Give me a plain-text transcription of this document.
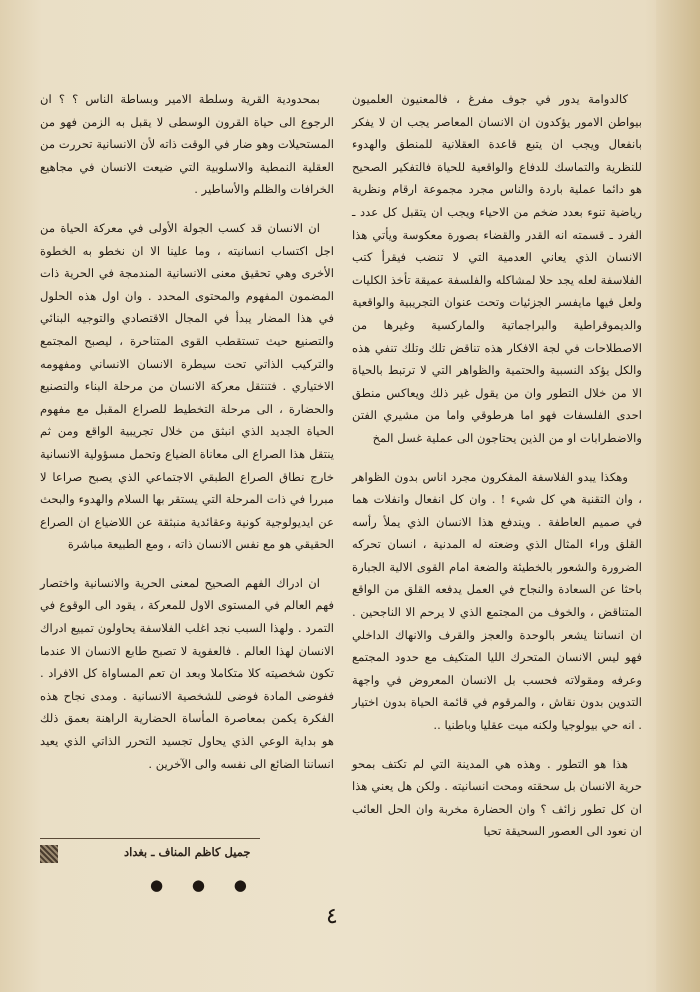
كالدوامة يدور في جوف مفرغ ، فالمعنيون العلميون بيواطن الامور يؤكدون ان الانسان المعاصر يجب ان لا يفكر بانفعال ويجب ان يتبع قاعدة العقلانية للمنطق والهدوء للنظرية والتماسك للدفاع والواقعية للحياة فالتفكير الصحيح هو دائما عملية باردة والناس مجرد مجموعة ارقام ونظرية رياضية تنوء بعدد ضخم من الاحياء ويجب ان يتقبل كل عدد ـ الفرد ـ قسمته انه القدر والقضاء بصورة معكوسة ويأتي هذا الانسان الذي يعاني العدمية التي لا تنضب فيقرأ كتب الفلاسفة لعله يجد حلا لمشاكله والفلسفة عميقة تأخذ الكليات ولعل فيها مايفسر الجزئيات وتحت عنوان التجريبية والواقعية والديموقراطية والبراجماتية والماركسية وغيرها من الاصطلاحات في لجة الافكار هذه تناقض تلك وتلك تنفي هذه والكل يؤكد النسبية والحتمية والظواهر التي لا ترتبط بالحياة الا من خلال التطور وان من يقول غير ذلك ويعاكس منطق احدى الفلسفات فهو اما هرطوقي واما من مشيري الفتن والاضطرابات او من الذين يحتاجون الى عملية غسل المخ

وهكذا يبدو الفلاسفة المفكرون مجرد اناس بدون الظواهر ، وان التقنية هي كل شيء ! . وان كل انفعال وانفلات هما في صميم العاطفة . ويندفع هذا الانسان الذي يملأ رأسه القلق وراء المثال الذي وضعته له المدنية ، انسان تحركه الضرورة والشعور بالخطيئة والضعة امام القوى الالية الجبارة باحثا عن السعادة والنجاح في العمل يدفعه القلق من الواقع المتناقض ، والخوف من المجتمع الذي لا يرحم الا الناجحين . ان انساننا يشعر بالوحدة والعجز والقرف والانهاك الداخلي فهو ليس الانسان المتحرك الليا المتكيف مع حدود المجتمع وعرفه ومقولاته فحسب بل الانسان المعروض في واجهة التدوين بدون نقاش ، والمرقوم في قائمة الحياة بدون اختيار . انه حي بيولوجيا ولكنه ميت عقليا وباطنيا ..

هذا هو التطور . وهذه هي المدينة التي لم تكتف بمحو حرية الانسان بل سحقته ومحت انسانيته . ولكن هل يعني هذا ان كل تطور زائف ؟ وان الحضارة مخربة وان الحل العائب ان نعود الى العصور السحيقة تحيا

بمحدودية القرية وسلطة الامير وبساطة الناس ؟ ؟ ان الرجوع الى حياة القرون الوسطى لا يقبل به الزمن فهو من المستحيلات وهو ضار في الوقت ذاته لأن الانسانية تحررت من العقلية النمطية والاسلوبية التي ضيعت الانسان في مجاهيع الخرافات والظلم والأساطير .

ان الانسان قد كسب الجولة الأولى في معركة الحياة من اجل اكتساب انسانيته ، وما علينا الا ان نخطو به الخطوة الأخرى وهي تحقيق معنى الانسانية المندمجة في الحرية ذات المضمون المفهوم والمحتوى المحدد . وان اول هذه الحلول في هذا المضار يبدأ في المجال الاقتصادي والتوجيه البنائي والتصنيع حيث تستقطب القوى المتناحرة ، ليصبح المجتمع والتركيب الذاتي تحت سيطرة الانسان الانساني ومفهومه الاختياري . فتنتقل معركة الانسان من مرحلة البناء والتصنيع والحضارة ، الى مرحلة التخطيط للصراع المقبل مع مفهوم الحياة الجديد الذي انبثق من خلال تجريبية الواقع ومن ثم ينتقل هذا الصراع الى معاناة الضياع وتحمل مسؤولية الانسانية خارج نطاق الصراع الطبقي الاجتماعي الذي يصبح صراعا لا مبررا في ذات المرحلة التي يستقر بها السلام والهدوء والبحث عن ايديولوجية كونية وعقائدية منبثقة عن اللاضياع ان الصراع الحقيقي هو مع نفس الانسان ذاته ، ومع الطبيعة مباشرة

ان ادراك الفهم الصحيح لمعنى الحرية والانسانية واختصار فهم العالم في المستوى الاول للمعركة ، يقود الى الوقوع في التمرد . ولهذا السبب نجد اغلب الفلاسفة يحاولون تمييع ادراك الانسان لهذا العالم . فالعفوية لا تصبح طابع الانسان الا عندما تكون شخصيته كلا متكاملا وبعد ان تعم المساواة كل الافراد . ففوضى المادة فوضى للشخصية الانسانية . ومدى نجاح هذه الفكرة يكمن بمعاصرة المأساة الحضارية الراهنة بعمق ذلك هو بداية الوعي الذي يحاول تجسيد التحرر الذاتي الذي يعيد انساننا الضائع الى نفسه والى الآخرين .

جميل كاظم المناف ـ بغداد
● ● ●
٤
